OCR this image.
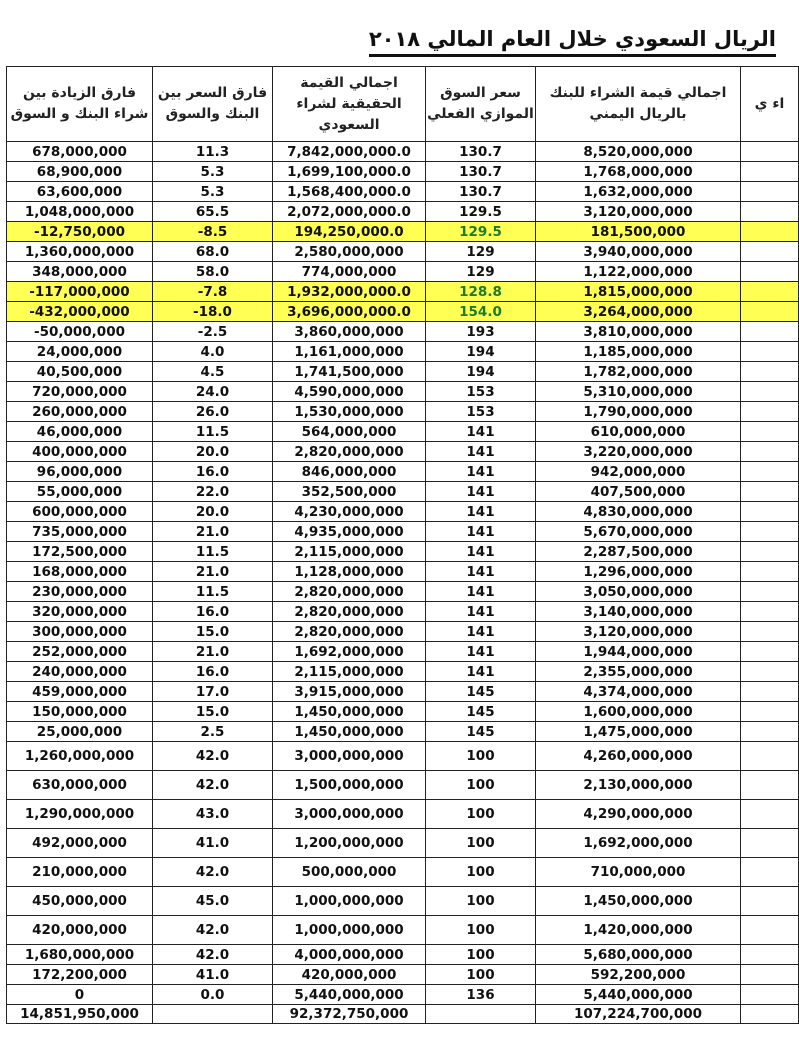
الريال السعودي خلال العام المالي ٢٠١٨
فارق الزيادة بين شراء البنك و السوق	فارق السعر بين البنك والسوق	اجمالي القيمة الحقيقية لشراء السعودي	سعر السوق الموازي الفعلي	اجمالي قيمة الشراء للبنك بالريال اليمني	اء ي
678,000,000	11.3	7,842,000,000.0	130.7	8,520,000,000	
68,900,000	5.3	1,699,100,000.0	130.7	1,768,000,000	
63,600,000	5.3	1,568,400,000.0	130.7	1,632,000,000	
1,048,000,000	65.5	2,072,000,000.0	129.5	3,120,000,000	
-12,750,000	-8.5	194,250,000.0	129.5	181,500,000	
1,360,000,000	68.0	2,580,000,000	129	3,940,000,000	
348,000,000	58.0	774,000,000	129	1,122,000,000	
-117,000,000	-7.8	1,932,000,000.0	128.8	1,815,000,000	
-432,000,000	-18.0	3,696,000,000.0	154.0	3,264,000,000	
-50,000,000	-2.5	3,860,000,000	193	3,810,000,000	
24,000,000	4.0	1,161,000,000	194	1,185,000,000	
40,500,000	4.5	1,741,500,000	194	1,782,000,000	
720,000,000	24.0	4,590,000,000	153	5,310,000,000	
260,000,000	26.0	1,530,000,000	153	1,790,000,000	
46,000,000	11.5	564,000,000	141	610,000,000	
400,000,000	20.0	2,820,000,000	141	3,220,000,000	
96,000,000	16.0	846,000,000	141	942,000,000	
55,000,000	22.0	352,500,000	141	407,500,000	
600,000,000	20.0	4,230,000,000	141	4,830,000,000	
735,000,000	21.0	4,935,000,000	141	5,670,000,000	
172,500,000	11.5	2,115,000,000	141	2,287,500,000	
168,000,000	21.0	1,128,000,000	141	1,296,000,000	
230,000,000	11.5	2,820,000,000	141	3,050,000,000	
320,000,000	16.0	2,820,000,000	141	3,140,000,000	
300,000,000	15.0	2,820,000,000	141	3,120,000,000	
252,000,000	21.0	1,692,000,000	141	1,944,000,000	
240,000,000	16.0	2,115,000,000	141	2,355,000,000	
459,000,000	17.0	3,915,000,000	145	4,374,000,000	
150,000,000	15.0	1,450,000,000	145	1,600,000,000	
25,000,000	2.5	1,450,000,000	145	1,475,000,000	
1,260,000,000	42.0	3,000,000,000	100	4,260,000,000	
630,000,000	42.0	1,500,000,000	100	2,130,000,000	
1,290,000,000	43.0	3,000,000,000	100	4,290,000,000	
492,000,000	41.0	1,200,000,000	100	1,692,000,000	
210,000,000	42.0	500,000,000	100	710,000,000	
450,000,000	45.0	1,000,000,000	100	1,450,000,000	
420,000,000	42.0	1,000,000,000	100	1,420,000,000	
1,680,000,000	42.0	4,000,000,000	100	5,680,000,000	
172,200,000	41.0	420,000,000	100	592,200,000	
0	0.0	5,440,000,000	136	5,440,000,000	
14,851,950,000		92,372,750,000		107,224,700,000	
